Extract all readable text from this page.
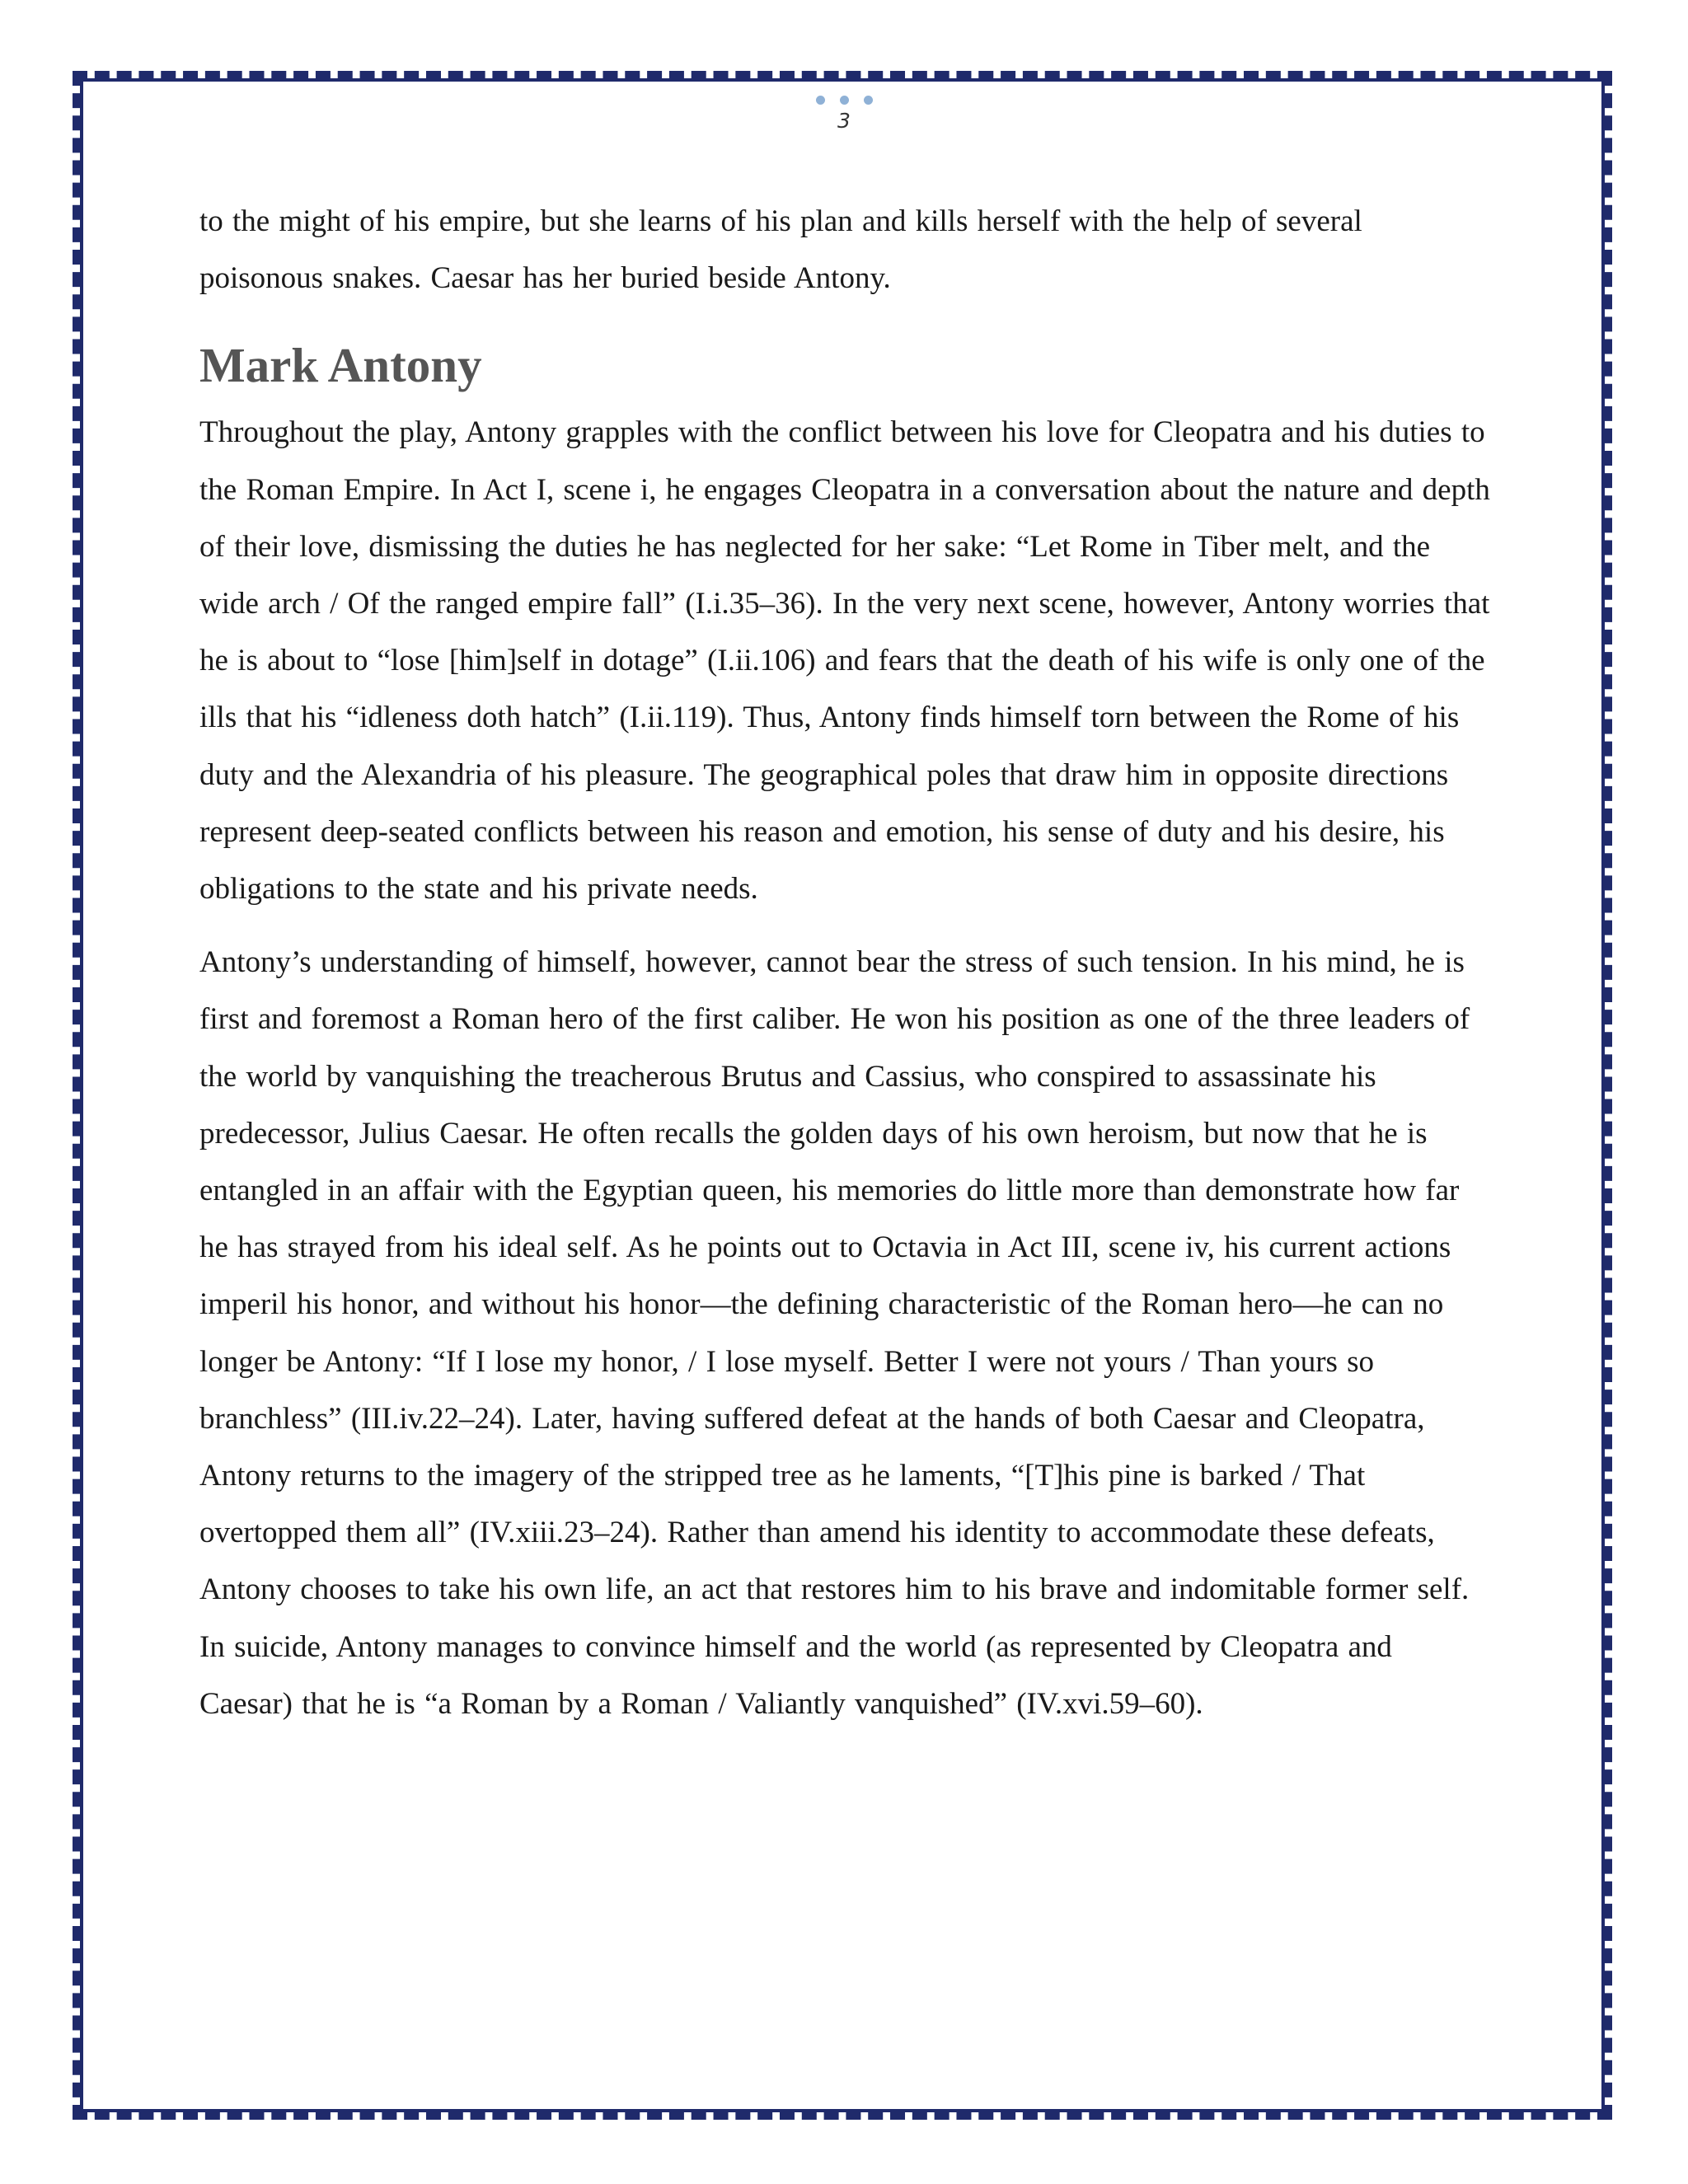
3

to the might of his empire, but she learns of his plan and kills herself with the help of several poisonous snakes. Caesar has her buried beside Antony.

Mark Antony

Throughout the play, Antony grapples with the conflict between his love for Cleopatra and his duties to the Roman Empire. In Act I, scene i, he engages Cleopatra in a conversation about the nature and depth of their love, dismissing the duties he has neglected for her sake: “Let Rome in Tiber melt, and the wide arch / Of the ranged empire fall” (I.i.35–36). In the very next scene, however, Antony worries that he is about to “lose [him]self in dotage” (I.ii.106) and fears that the death of his wife is only one of the ills that his “idleness doth hatch” (I.ii.119). Thus, Antony finds himself torn between the Rome of his duty and the Alexandria of his pleasure. The geographical poles that draw him in opposite directions represent deep-seated conflicts between his reason and emotion, his sense of duty and his desire, his obligations to the state and his private needs.

Antony’s understanding of himself, however, cannot bear the stress of such tension. In his mind, he is first and foremost a Roman hero of the first caliber. He won his position as one of the three leaders of the world by vanquishing the treacherous Brutus and Cassius, who conspired to assassinate his predecessor, Julius Caesar. He often recalls the golden days of his own heroism, but now that he is entangled in an affair with the Egyptian queen, his memories do little more than demonstrate how far he has strayed from his ideal self. As he points out to Octavia in Act III, scene iv, his current actions imperil his honor, and without his honor—the defining characteristic of the Roman hero—he can no longer be Antony: “If I lose my honor, / I lose myself. Better I were not yours / Than yours so branchless” (III.iv.22–24). Later, having suffered defeat at the hands of both Caesar and Cleopatra, Antony returns to the imagery of the stripped tree as he laments, “[T]his pine is barked / That overtopped them all” (IV.xiii.23–24). Rather than amend his identity to accommodate these defeats, Antony chooses to take his own life, an act that restores him to his brave and indomitable former self. In suicide, Antony manages to convince himself and the world (as represented by Cleopatra and Caesar) that he is “a Roman by a Roman / Valiantly vanquished” (IV.xvi.59–60).
